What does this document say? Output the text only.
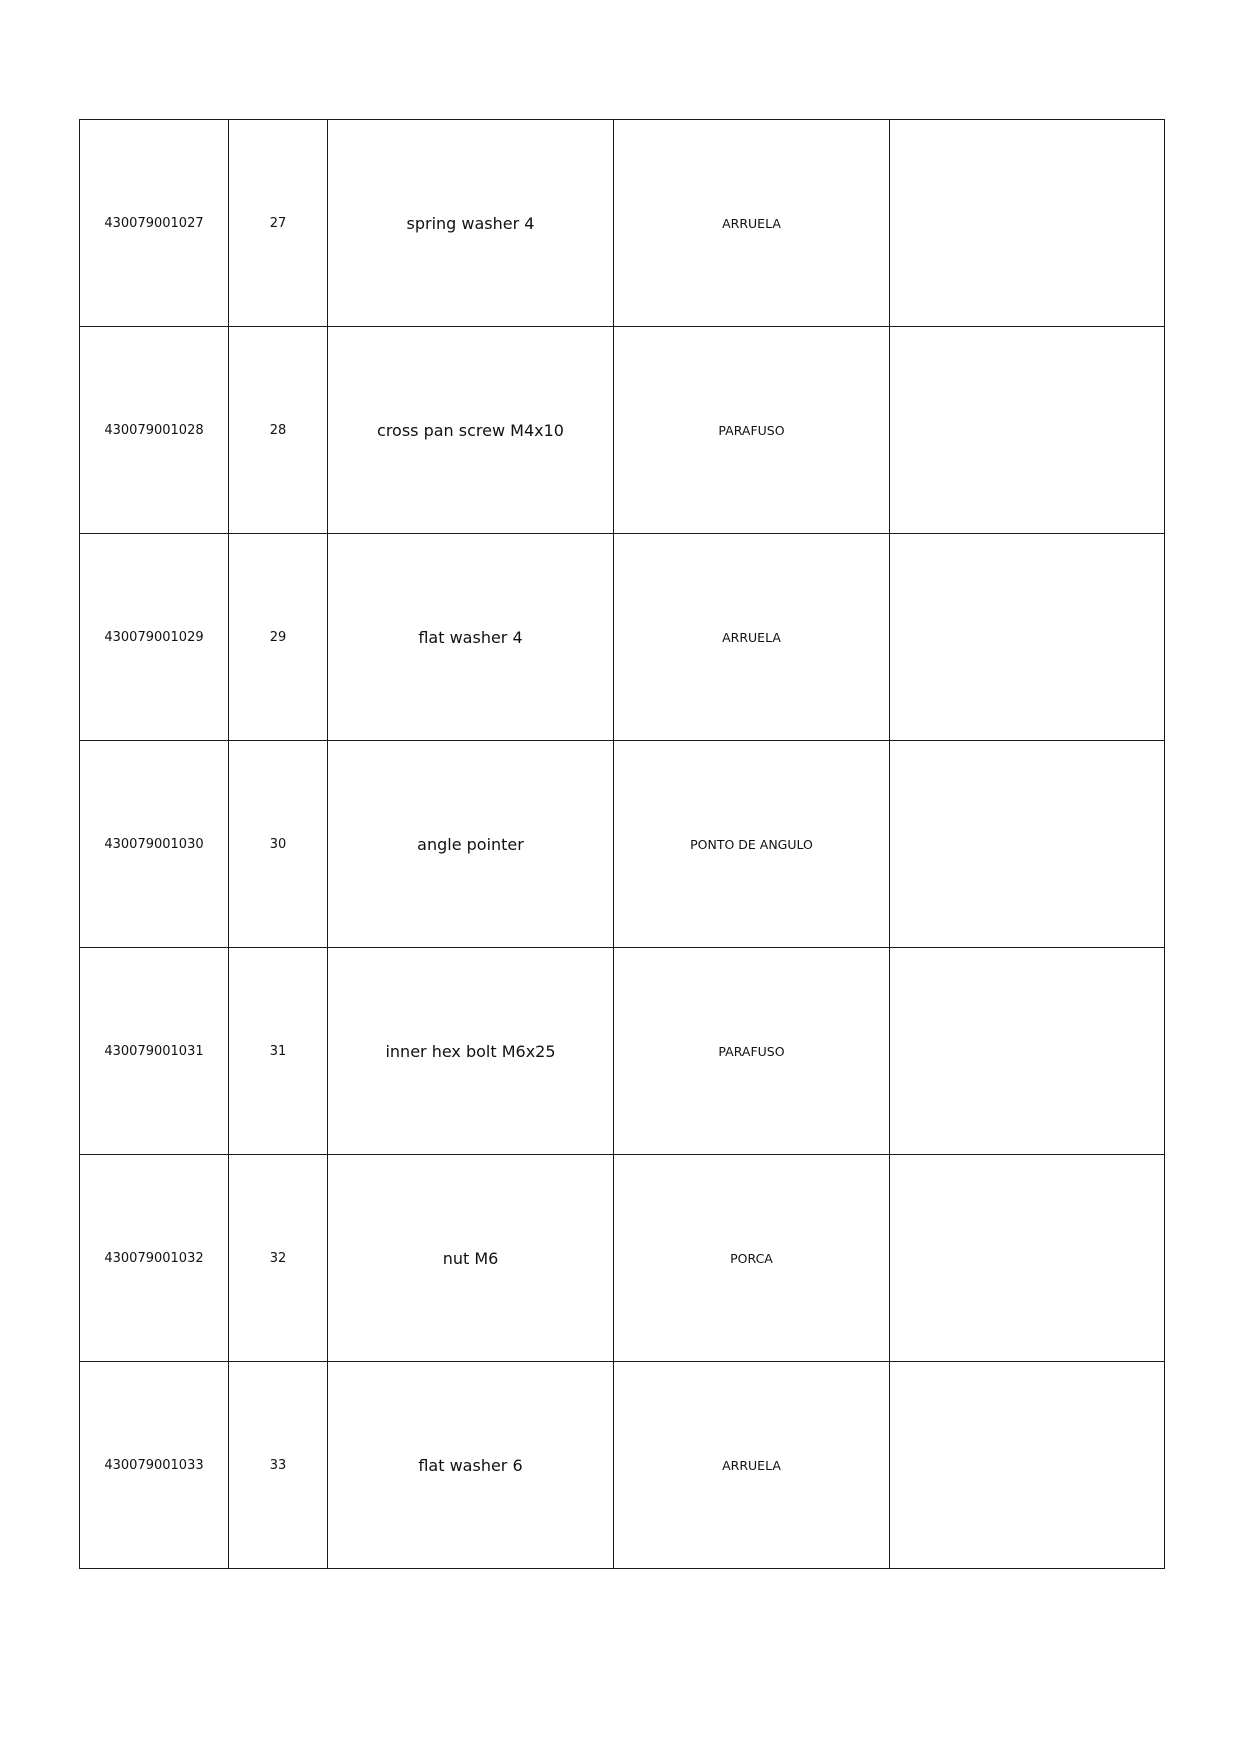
430079001027	27	spring washer 4	ARRUELA	
430079001028	28	cross pan screw M4x10	PARAFUSO	
430079001029	29	flat washer 4	ARRUELA	
430079001030	30	angle pointer	PONTO DE ANGULO	
430079001031	31	inner hex bolt M6x25	PARAFUSO	
430079001032	32	nut M6	PORCA	
430079001033	33	flat washer 6	ARRUELA	
